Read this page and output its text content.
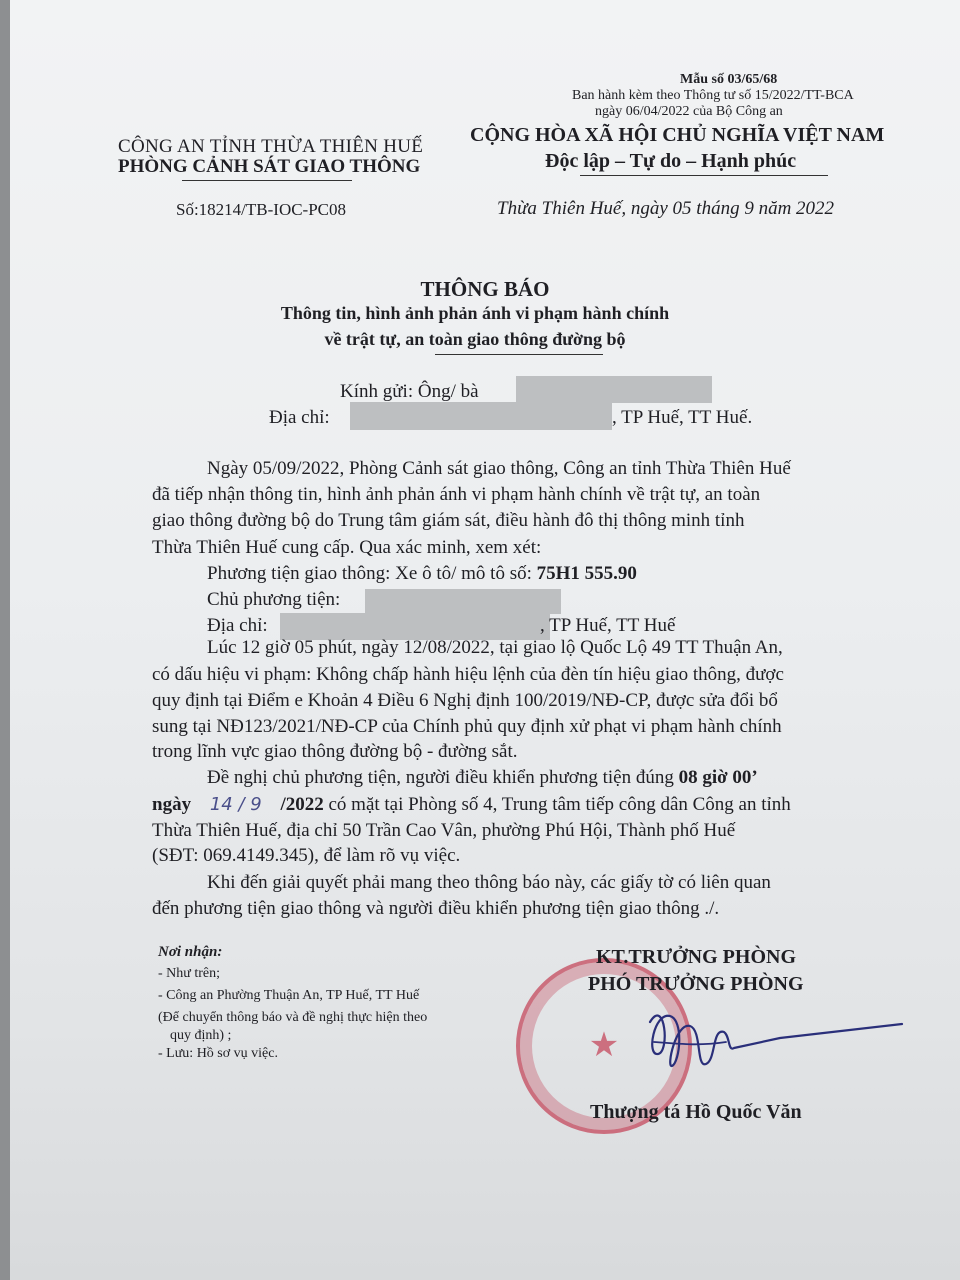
Mẫu số 03/65/68
Ban hành kèm theo Thông tư số 15/2022/TT-BCA
ngày 06/04/2022 của Bộ Công an
CÔNG AN TỈNH THỪA THIÊN HUẾ
PHÒNG CẢNH SÁT GIAO THÔNG
CỘNG HÒA XÃ HỘI CHỦ NGHĨA VIỆT NAM
Độc lập – Tự do – Hạnh phúc
Số:18214/TB-IOC-PC08	Thừa Thiên Huế, ngày 05 tháng 9 năm 2022
THÔNG BÁO
Thông tin, hình ảnh phản ánh vi phạm hành chính
về trật tự, an toàn giao thông đường bộ
Kính gửi: Ông/ bà
Địa chỉ:	, TP Huế, TT Huế.
Ngày 05/09/2022, Phòng Cảnh sát giao thông, Công an tỉnh Thừa Thiên Huế
đã tiếp nhận thông tin, hình ảnh phản ánh vi phạm hành chính về trật tự, an toàn
giao thông đường bộ do Trung tâm giám sát, điều hành đô thị thông minh tỉnh
Thừa Thiên Huế cung cấp. Qua xác minh, xem xét:
Phương tiện giao thông: Xe ô tô/ mô tô số: 75H1 555.90
Chủ phương tiện:
Địa chỉ:	, TP Huế, TT Huế
Lúc 12 giờ 05 phút, ngày 12/08/2022, tại giao lộ Quốc Lộ 49 TT Thuận An,
có dấu hiệu vi phạm: Không chấp hành hiệu lệnh của đèn tín hiệu giao thông, được
quy định tại Điểm e Khoản 4 Điều 6 Nghị định 100/2019/NĐ-CP, được sửa đổi bổ
sung tại NĐ123/2021/NĐ-CP của Chính phủ quy định xử phạt vi phạm hành chính
trong lĩnh vực giao thông đường bộ - đường sắt.
Đề nghị chủ phương tiện, người điều khiển phương tiện đúng 08 giờ 00’
ngày 14 / 9 /2022 có mặt tại Phòng số 4, Trung tâm tiếp công dân Công an tỉnh
Thừa Thiên Huế, địa chỉ 50 Trần Cao Vân, phường Phú Hội, Thành phố Huế
(SĐT: 069.4149.345), để làm rõ vụ việc.
Khi đến giải quyết phải mang theo thông báo này, các giấy tờ có liên quan
đến phương tiện giao thông và người điều khiển phương tiện giao thông ./.
Nơi nhận:
- Như trên;
- Công an Phường Thuận An, TP Huế, TT Huế
(Để chuyển thông báo và đề nghị thực hiện theo
quy định) ;
- Lưu: Hồ sơ vụ việc.	★
KT.TRƯỞNG PHÒNG
PHÓ TRƯỞNG PHÒNG
Thượng tá Hồ Quốc Văn
